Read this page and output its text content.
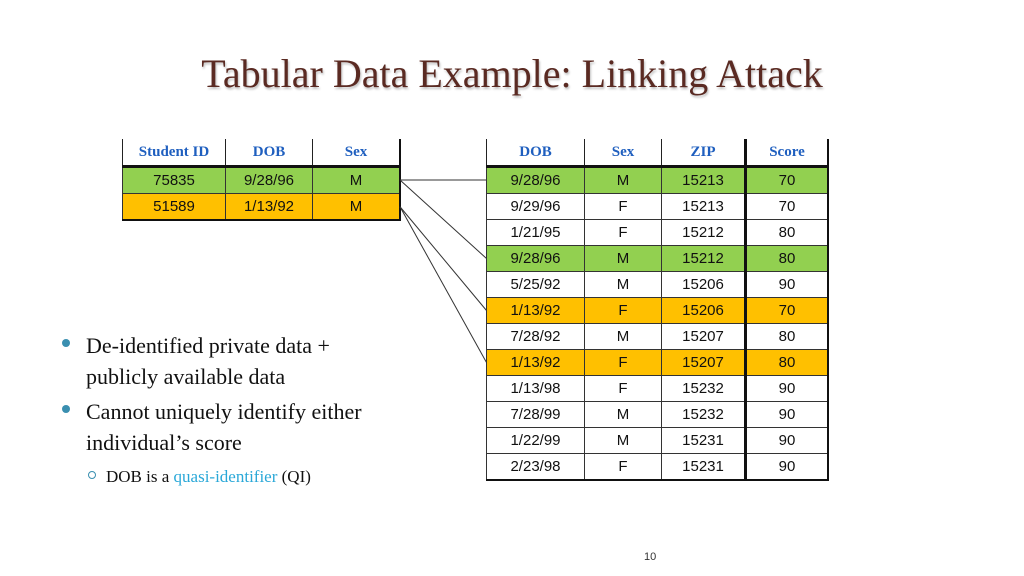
Tabular Data Example: Linking Attack
Student ID	DOB	Sex
75835	9/28/96	M
51589	1/13/92	M
DOB	Sex	ZIP	Score
9/28/96	M	15213	70
9/29/96	F	15213	70
1/21/95	F	15212	80
9/28/96	M	15212	80
5/25/92	M	15206	90
1/13/92	F	15206	70
7/28/92	M	15207	80
1/13/92	F	15207	80
1/13/98	F	15232	90
7/28/99	M	15232	90
1/22/99	M	15231	90
2/23/98	F	15231	90
De-identified private data + publicly available data
Cannot uniquely identify either individual’s score
DOB is a quasi-identifier (QI)
10
